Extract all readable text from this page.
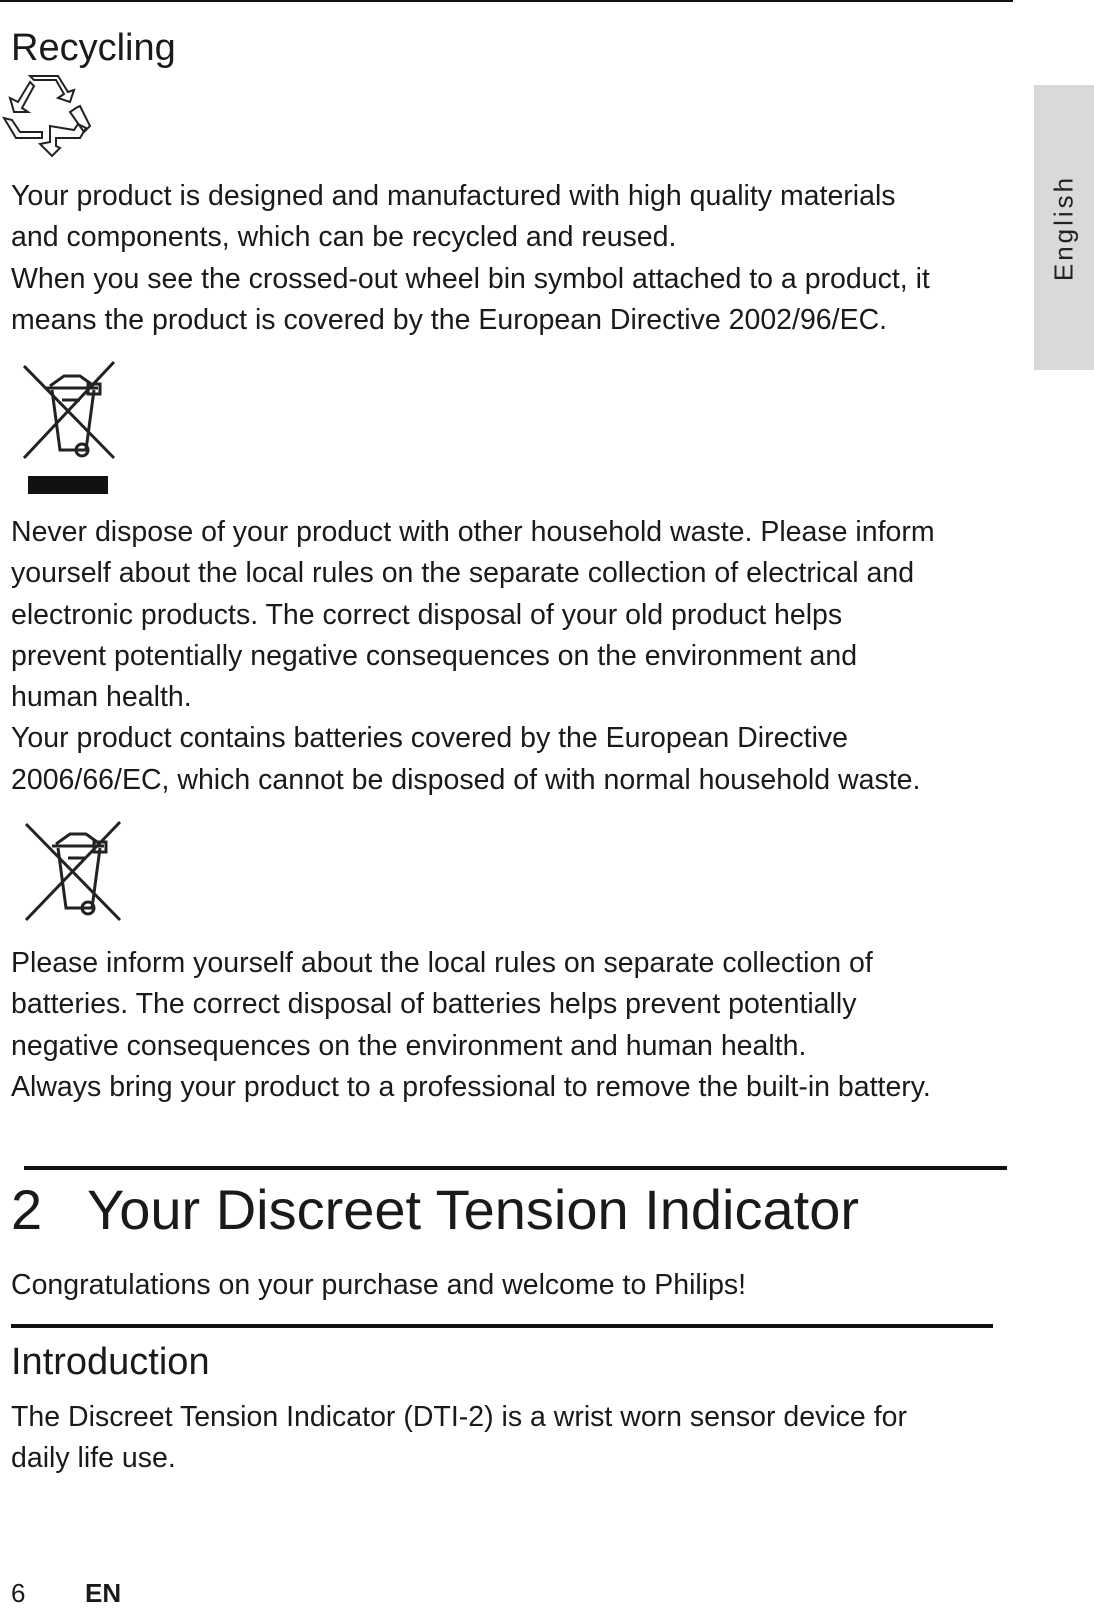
Recycling

Your product is designed and manufactured with high quality materials
and components, which can be recycled and reused.
When you see the crossed-out wheel bin symbol attached to a product, it
means the product is covered by the European Directive 2002/96/EC.

Never dispose of your product with other household waste. Please inform
yourself about the local rules on the separate collection of electrical and
electronic products. The correct disposal of your old product helps
prevent potentially negative consequences on the environment and
human health.
Your product contains batteries covered by the European Directive
2006/66/EC, which cannot be disposed of with normal household waste.

Please inform yourself about the local rules on separate collection of
batteries. The correct disposal of batteries helps prevent potentially
negative consequences on the environment and human health.
Always bring your product to a professional to remove the built-in battery.

2 Your Discreet Tension Indicator

Congratulations on your purchase and welcome to Philips!

Introduction

The Discreet Tension Indicator (DTI-2) is a wrist worn sensor device for
daily life use.

English
6 EN
